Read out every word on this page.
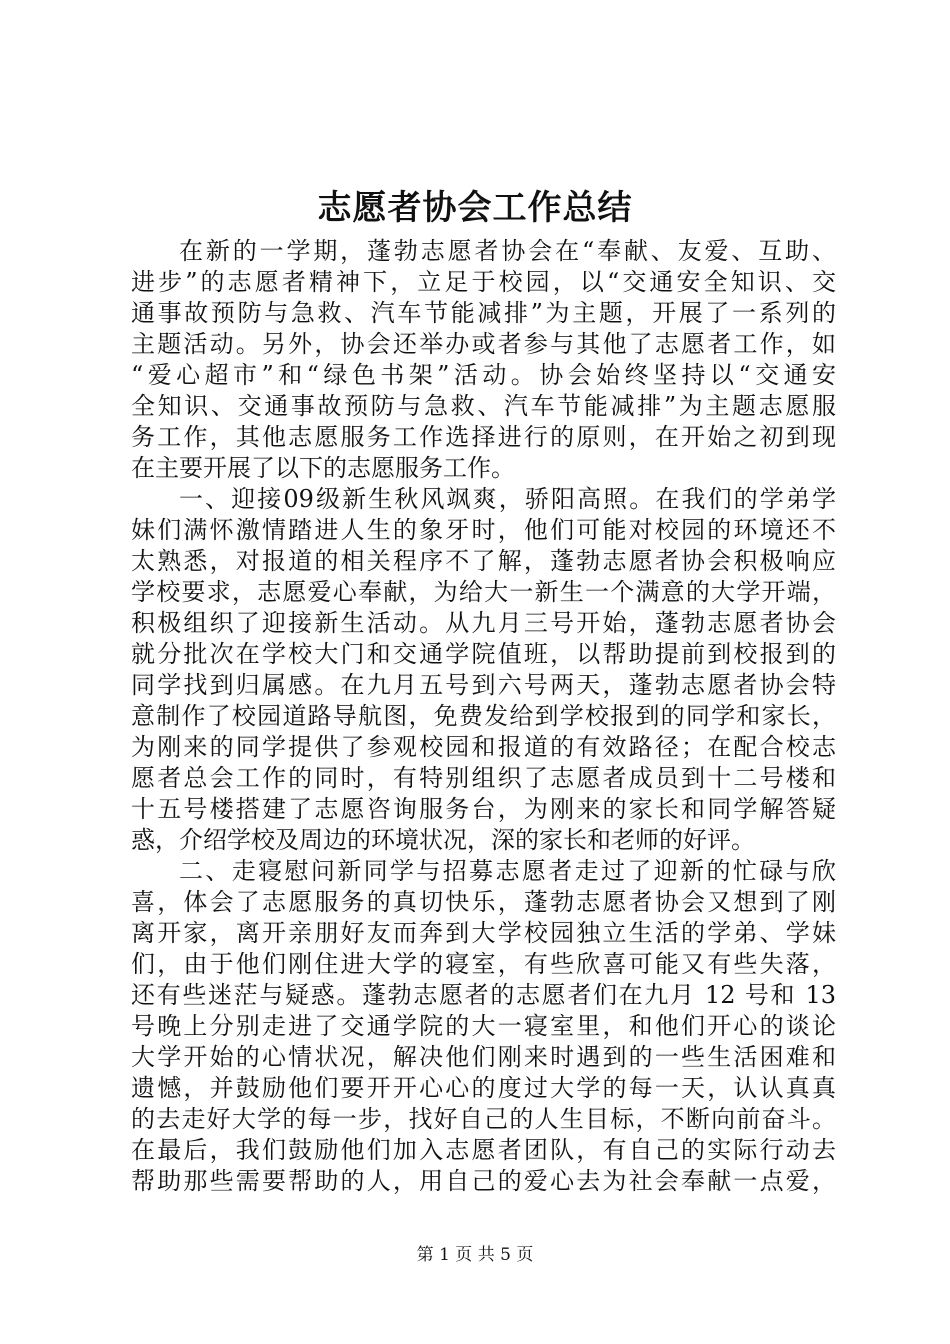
志愿者协会工作总结
在新的一学期，蓬勃志愿者协会在“奉献、友爱、互助、
进步”的志愿者精神下，立足于校园，以“交通安全知识、交
通事故预防与急救、汽车节能减排”为主题，开展了一系列的
主题活动。另外，协会还举办或者参与其他了志愿者工作，如
“爱心超市”和“绿色书架”活动。协会始终坚持以“交通安
全知识、交通事故预防与急救、汽车节能减排”为主题志愿服
务工作，其他志愿服务工作选择进行的原则，在开始之初到现
在主要开展了以下的志愿服务工作。
一、迎接09级新生秋风飒爽，骄阳高照。在我们的学弟学
妹们满怀激情踏进人生的象牙时，他们可能对校园的环境还不
太熟悉，对报道的相关程序不了解，蓬勃志愿者协会积极响应
学校要求，志愿爱心奉献，为给大一新生一个满意的大学开端，
积极组织了迎接新生活动。从九月三号开始，蓬勃志愿者协会
就分批次在学校大门和交通学院值班，以帮助提前到校报到的
同学找到归属感。在九月五号到六号两天，蓬勃志愿者协会特
意制作了校园道路导航图，免费发给到学校报到的同学和家长，
为刚来的同学提供了参观校园和报道的有效路径；在配合校志
愿者总会工作的同时，有特别组织了志愿者成员到十二号楼和
十五号楼搭建了志愿咨询服务台，为刚来的家长和同学解答疑
惑，介绍学校及周边的环境状况，深的家长和老师的好评。
二、走寝慰问新同学与招募志愿者走过了迎新的忙碌与欣
喜，体会了志愿服务的真切快乐，蓬勃志愿者协会又想到了刚
离开家，离开亲朋好友而奔到大学校园独立生活的学弟、学妹
们，由于他们刚住进大学的寝室，有些欣喜可能又有些失落，
还有些迷茫与疑惑。蓬勃志愿者的志愿者们在九月 12 号和 13
号晚上分别走进了交通学院的大一寝室里，和他们开心的谈论
大学开始的心情状况，解决他们刚来时遇到的一些生活困难和
遗憾，并鼓励他们要开开心心的度过大学的每一天，认认真真
的去走好大学的每一步，找好自己的人生目标，不断向前奋斗。
在最后，我们鼓励他们加入志愿者团队，有自己的实际行动去
帮助那些需要帮助的人，用自己的爱心去为社会奉献一点爱，
第 1 页 共 5 页
